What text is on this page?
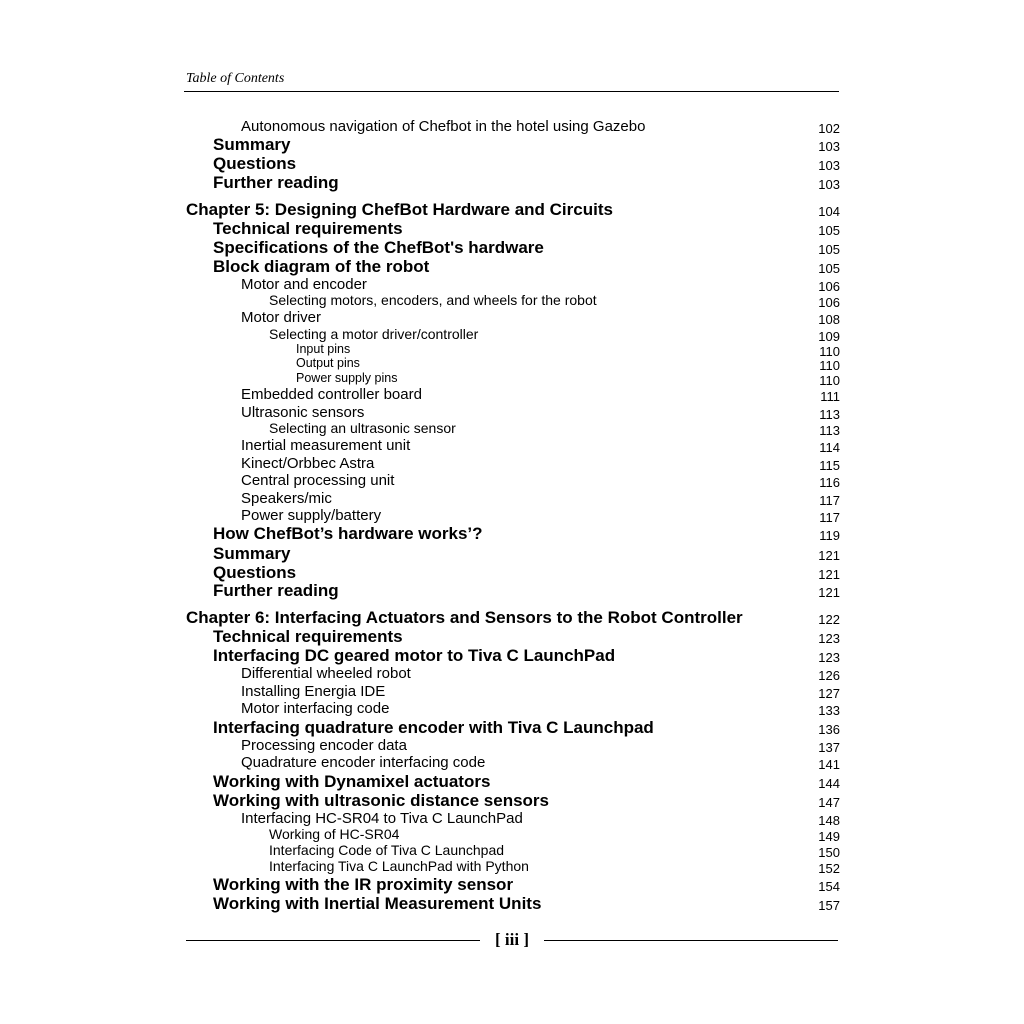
Table of Contents
Autonomous navigation of Chefbot in the hotel using Gazebo	102
Summary	103
Questions	103
Further reading	103
Chapter 5: Designing ChefBot Hardware and Circuits	104
Technical requirements	105
Specifications of the ChefBot's hardware	105
Block diagram of the robot	105
Motor and encoder	106
Selecting motors, encoders, and wheels for the robot	106
Motor driver	108
Selecting a motor driver/controller	109
Input pins	110
Output pins	110
Power supply pins	110
Embedded controller board	111
Ultrasonic sensors	113
Selecting an ultrasonic sensor	113
Inertial measurement unit	114
Kinect/Orbbec Astra	115
Central processing unit	116
Speakers/mic	117
Power supply/battery	117
How ChefBot’s hardware works’?	119
Summary	121
Questions	121
Further reading	121
Chapter 6: Interfacing Actuators and Sensors to the Robot Controller	122
Technical requirements	123
Interfacing DC geared motor to Tiva C LaunchPad	123
Differential wheeled robot	126
Installing Energia IDE	127
Motor interfacing code	133
Interfacing quadrature encoder with Tiva C Launchpad	136
Processing encoder data	137
Quadrature encoder interfacing code	141
Working with Dynamixel actuators	144
Working with ultrasonic distance sensors	147
Interfacing HC-SR04 to Tiva C LaunchPad	148
Working of HC-SR04	149
Interfacing Code of Tiva C Launchpad	150
Interfacing Tiva C LaunchPad with Python	152
Working with the IR proximity sensor	154
Working with Inertial Measurement Units	157
[ iii ]
